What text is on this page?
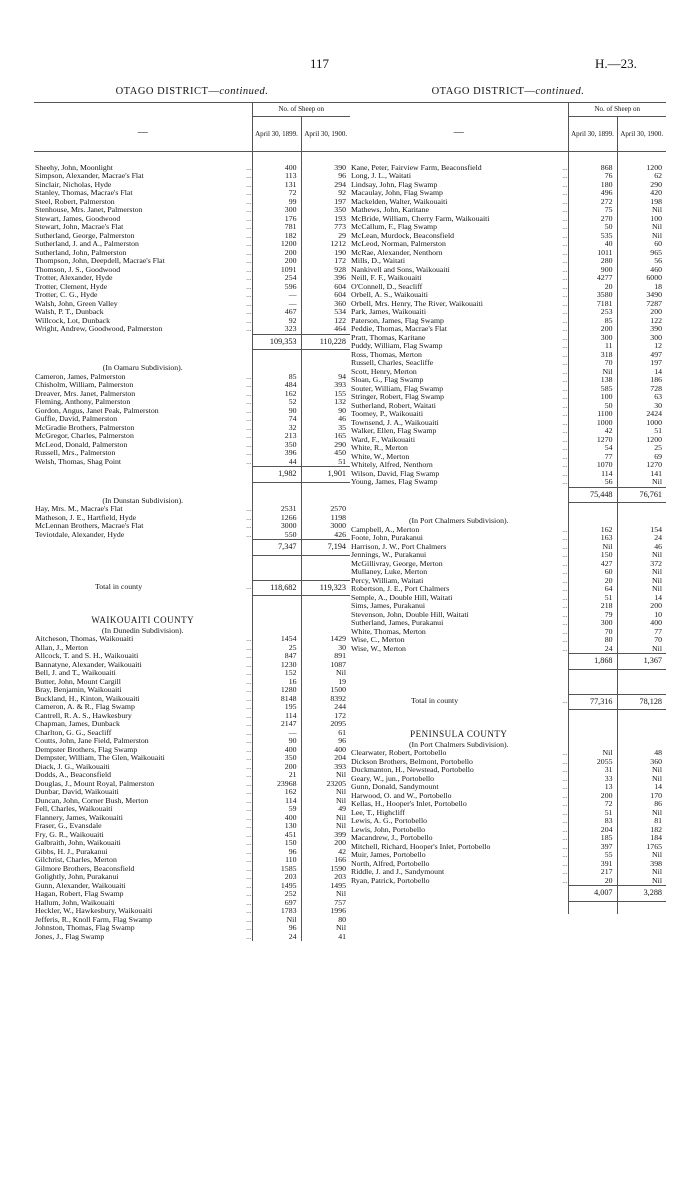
117	H.—23.
OTAGO DISTRICT—continued.
	No. of Sheep on	
—	April 30, 1899.	April 30, 1900.

Sheehy, John, Moonlight ...	400	390

Simpson, Alexander, Macrae's Flat ...	113	96

Sinclair, Nicholas, Hyde ...	131	294

Stanley, Thomas, Macrae's Flat ...	72	92

Steel, Robert, Palmerston ...	99	197

Stenhouse, Mrs. Janet, Palmerston ...	300	350

Stewart, James, Goodwood ...	176	193

Stewart, John, Macrae's Flat ...	781	773

Sutherland, George, Palmerston ...	182	29

Sutherland, J. and A., Palmerston ...	1200	1212

Sutherland, John, Palmerston ...	200	190

Thompson, John, Deepdell, Macrae's Flat ...	200	172

Thomson, J. S., Goodwood ...	1091	928

Trotter, Alexander, Hyde ...	254	396

Trotter, Clement, Hyde ...	596	604

Trotter, C. G., Hyde ...	—	604

Walsh, John, Green Valley ...	—	360

Walsh, P. T., Dunback ...	467	534

Willcock, Lot, Dunback ...	92	122

Wright, Andrew, Goodwood, Palmerston ...	323	464
	109,353	110,228

(In Oamaru Subdivision).		

Cameron, James, Palmerston ...	85	94

Chisholm, William, Palmerston ...	484	393

Dreaver, Mrs. Janet, Palmerston ...	162	155

Fleming, Anthony, Palmerston ...	52	132

Gordon, Angus, Janet Peak, Palmerston ...	90	90

Guffie, David, Palmerston ...	74	46

McGradie Brothers, Palmerston ...	32	35

McGregor, Charles, Palmerston ...	213	165

McLeod, Donald, Palmerston ...	350	290

Russell, Mrs., Palmerston ...	396	450

Welsh, Thomas, Shag Point ...	44	51
	1,982	1,901

(In Dunstan Subdivision).		

Hay, Mrs. M., Macrae's Flat ...	2531	2570

Matheson, J. E., Hartfield, Hyde ...	1266	1198

McLennan Brothers, Macrae's Flat ...	3000	3000

Teviotdale, Alexander, Hyde ...	550	426
	7,347	7,194

Total in county ...	118,682	119,323

WAIKOUAITI COUNTY		
(In Dunedin Subdivision).		

Aitcheson, Thomas, Waikouaiti ...	1454	1429

Allan, J., Merton ...	25	30

Allcock, T. and S. H., Waikouaiti ...	847	891

Bannatyne, Alexander, Waikouaiti ...	1230	1087

Bell, J. and T., Waikouaiti ...	152	Nil

Butter, John, Mount Cargill ...	16	19

Bray, Benjamin, Waikouaiti ...	1280	1500

Buckland, H., Kinton, Waikouaiti ...	8148	8392

Cameron, A. & R., Flag Swamp ...	195	244

Cantrell, R. A. S., Hawkesbury ...	114	172

Chapman, James, Dunback ...	2147	2095

Charlton, G. G., Seacliff ...	—	61

Coutts, John, Jane Field, Palmerston ...	90	96

Dempster Brothers, Flag Swamp ...	400	400

Dempster, William, The Glen, Waikouaiti ...	350	204

Diack, J. G., Waikouaiti ...	200	393

Dodds, A., Beaconsfield ...	21	Nil

Douglas, J., Mount Royal, Palmerston ...	23968	23205

Dunbar, David, Waikouaiti ...	162	Nil

Duncan, John, Corner Bush, Merton ...	114	Nil

Fell, Charles, Waikouaiti ...	59	49

Flannery, James, Waikouaiti ...	400	Nil

Fraser, G., Evansdale ...	130	Nil

Fry, G. R., Waikouaiti ...	451	399

Galbraith, John, Waikouaiti ...	150	200

Gibbs, H. J., Purakanui ...	96	42

Gilchrist, Charles, Merton ...	110	166

Gilmore Brothers, Beaconsfield ...	1585	1590

Golightly, John, Purakanui ...	203	203

Gunn, Alexander, Waikouaiti ...	1495	1495

Hagan, Robert, Flag Swamp ...	252	Nil

Hallum, John, Waikouaiti ...	697	757

Heckler, W., Hawkesbury, Waikouaiti ...	1783	1996

Jefferis, R., Knoll Farm, Flag Swamp ...	Nil	80

Johnston, Thomas, Flag Swamp ...	96	Nil

Jones, J., Flag Swamp ...	24	41
OTAGO DISTRICT—continued.
	No. of Sheep on	
—	April 30, 1899.	April 30, 1900.

Kane, Peter, Fairview Farm, Beaconsfield ...	868	1200

Long, J. L., Waitati ...	76	62

Lindsay, John, Flag Swamp ...	180	290

Macaulay, John, Flag Swamp ...	496	420

Mackelden, Walter, Waikouaiti ...	272	198

Mathews, John, Karitane ...	75	Nil

McBride, William, Cherry Farm, Waikouaiti ...	270	100

McCallum, F., Flag Swamp ...	50	Nil

McLean, Murdock, Beaconsfield ...	535	Nil

McLeod, Norman, Palmerston ...	40	60

McRae, Alexander, Nenthorn ...	1011	965

Mills, D., Waitati ...	280	56

Nankivell and Sons, Waikouaiti ...	900	460

Neill, F. F., Waikouaiti ...	4277	6000

O'Connell, D., Seacliff ...	20	18

Orbell, A. S., Waikouaiti ...	3580	3490

Orbell, Mrs. Henry, The River, Waikouaiti ...	7181	7287

Park, James, Waikouaiti ...	253	200

Paterson, James, Flag Swamp ...	85	122

Peddie, Thomas, Macrae's Flat ...	200	390

Pratt, Thomas, Karitane ...	300	300

Puddy, William, Flag Swamp ...	11	12

Ross, Thomas, Merton ...	318	497

Russell, Charles, Seacliffe ...	70	197

Scott, Henry, Merton ...	Nil	14

Sloan, G., Flag Swamp ...	138	186

Souter, William, Flag Swamp ...	585	728

Stringer, Robert, Flag Swamp ...	100	63

Sutherland, Robert, Waitati ...	50	30

Toomey, P., Waikouaiti ...	1100	2424

Townsend, J. A., Waikouaiti ...	1000	1000

Walker, Ellen, Flag Swamp ...	42	51

Ward, F., Waikouaiti ...	1270	1200

White, R., Merton ...	54	25

White, W., Merton ...	77	69

Whitely, Alfred, Nenthorn ...	1070	1270

Wilson, David, Flag Swamp ...	114	141

Young, James, Flag Swamp ...	56	Nil
	75,448	76,761

(In Port Chalmers Subdivision).		

Campbell, A., Merton ...	162	154

Foote, John, Purakanui ...	163	24

Harrison, J. W., Port Chalmers ...	Nil	46

Jennings, W., Purakanui ...	150	Nil

McGillivray, George, Merton ...	427	372

Mullaney, Luke, Merton ...	60	Nil

Percy, William, Waitati ...	20	Nil

Robertson, J. E., Port Chalmers ...	64	Nil

Semple, A., Double Hill, Waitati ...	51	14

Sims, James, Purakanui ...	218	200

Stevenson, John, Double Hill, Waitati ...	79	10

Sutherland, James, Purakanui ...	300	400

White, Thomas, Merton ...	70	77

Wise, C., Merton ...	80	70

Wise, W., Merton ...	24	Nil
	1,868	1,367

Total in county ...	77,316	78,128

PENINSULA COUNTY		
(In Port Chalmers Subdivision).		

Clearwater, Robert, Portobello ...	Nil	48

Dickson Brothers, Belmont, Portobello ...	2055	360

Duckmanton, H., Newstead, Portobello ...	31	Nil

Geary, W., jun., Portobello ...	33	Nil

Gunn, Donald, Sandymount ...	13	14

Harwood, O. and W., Portobello ...	200	170

Kellas, H., Hooper's Inlet, Portobello ...	72	86

Lee, T., Highcliff ...	51	Nil

Lewis, A. G., Portobello ...	83	81

Lewis, John, Portobello ...	204	182

Macandrew, J., Portobello ...	185	184

Mitchell, Richard, Hooper's Inlet, Portobello ...	397	1765

Muir, James, Portobello ...	55	Nil

North, Alfred, Portobello ...	391	398

Riddle, J. and J., Sandymount ...	217	Nil

Ryan, Patrick, Portobello ...	20	Nil
	4,007	3,288
